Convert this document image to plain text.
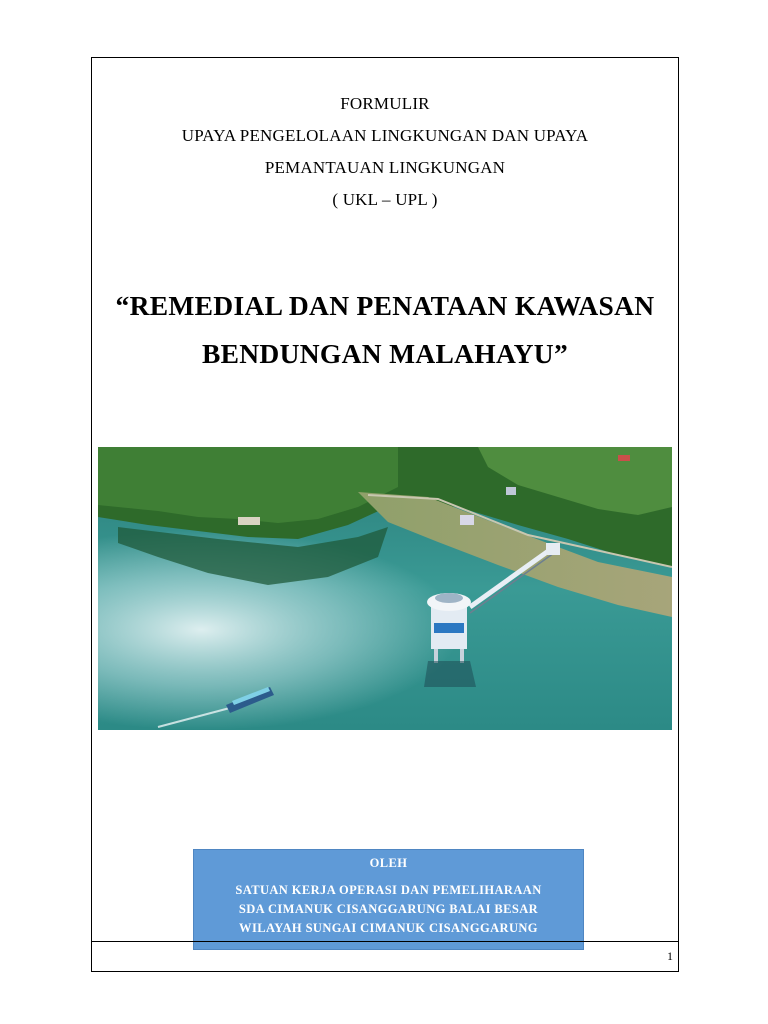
FORMULIR
UPAYA PENGELOLAAN LINGKUNGAN DAN UPAYA
PEMANTAUAN LINGKUNGAN
( UKL – UPL )
“REMEDIAL DAN PENATAAN KAWASAN
BENDUNGAN MALAHAYU”
OLEH
SATUAN KERJA OPERASI DAN PEMELIHARAAN
SDA CIMANUK CISANGGARUNG BALAI BESAR
WILAYAH SUNGAI CIMANUK CISANGGARUNG
1
